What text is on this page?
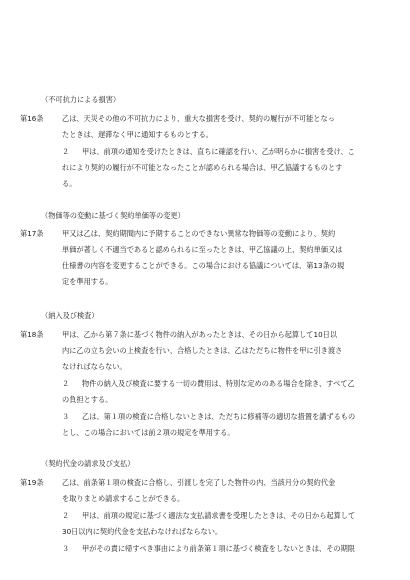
（不可抗力による損害）
第16条	乙は、天災その他の不可抗力により、重大な損害を受け、契約の履行が不可能となっ
たときは、遅滞なく甲に通知するものとする。
２ 甲は、前項の通知を受けたときは、直ちに確認を行い、乙が明らかに損害を受け、こ
れにより契約の履行が不可能となったことが認められる場合は、甲乙協議するものとす
る。
（物価等の変動に基づく契約単価等の変更）
第17条	甲又は乙は、契約期間内に予期することのできない異常な物価等の変動により、契約
単価が著しく不適当であると認められるに至ったときは、甲乙協議の上、契約単価又は
仕様書の内容を変更することができる。この場合における協議については、第13条の規
定を準用する。
（納入及び検査）
第18条	甲は、乙から第７条に基づく物件の納入があったときは、その日から起算して10日以
内に乙の立ち会いの上検査を行い、合格したときは、乙はただちに物件を甲に引き渡さ
なければならない。
２ 物件の納入及び検査に要する一切の費用は、特別な定めのある場合を除き、すべて乙
の負担とする。
３ 乙は、第１項の検査に合格しないときは、ただちに修補等の適切な措置を講ずるもの
とし、この場合においては前２項の規定を準用する。
（契約代金の請求及び支払）
第19条	乙は、前条第１項の検査に合格し、引渡しを完了した物件の内、当該月分の契約代金
を取りまとめ請求することができる。
２ 甲は、前項の規定に基づく適法な支払請求書を受理したときは、その日から起算して
30日以内に契約代金を支払わなければならない。
３ 甲がその責に帰すべき事由により前条第１項に基づく検査をしないときは、その期限
